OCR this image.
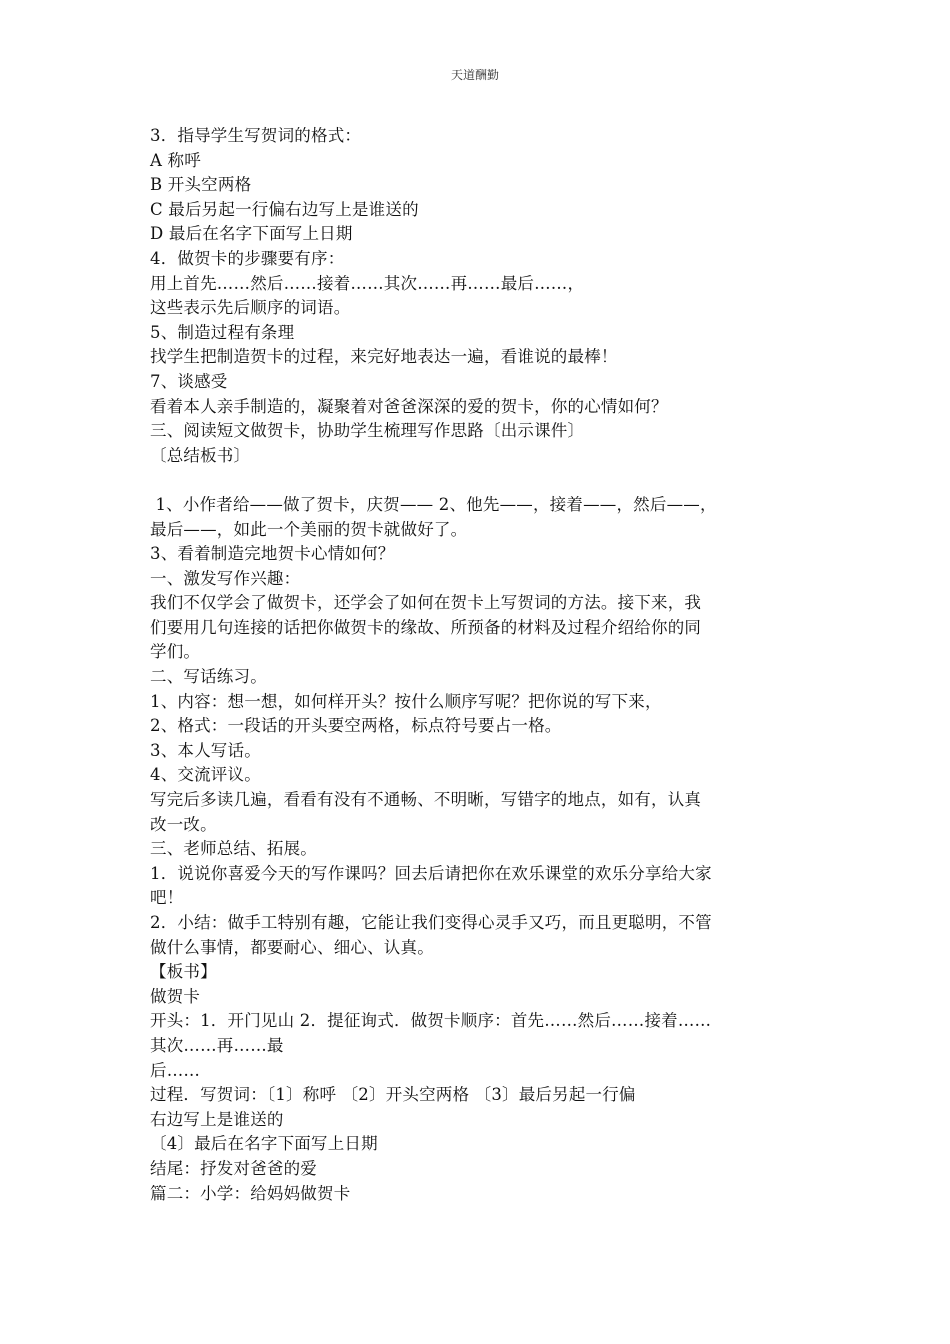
天道酬勤

3．指导学生写贺词的格式：

A 称呼

B 开头空两格

C 最后另起一行偏右边写上是谁送的

D 最后在名字下面写上日期

4．做贺卡的步骤要有序：

用上首先……然后……接着……其次……再……最后……，

这些表示先后顺序的词语。

5、制造过程有条理

找学生把制造贺卡的过程，来完好地表达一遍，看谁说的最棒！

7、谈感受

看着本人亲手制造的，凝聚着对爸爸深深的爱的贺卡，你的心情如何？

三、阅读短文做贺卡，协助学生梳理写作思路〔出示课件〕

〔总结板书〕

1、小作者给——做了贺卡，庆贺—— 2、他先——，接着——，然后——，

最后——，如此一个美丽的贺卡就做好了。

3、看着制造完地贺卡心情如何？

一、激发写作兴趣：

我们不仅学会了做贺卡，还学会了如何在贺卡上写贺词的方法。接下来，我

们要用几句连接的话把你做贺卡的缘故、所预备的材料及过程介绍给你的同

学们。

二、写话练习。

1、内容：想一想，如何样开头？按什么顺序写呢？把你说的写下来，

2、格式：一段话的开头要空两格，标点符号要占一格。

3、本人写话。

4、交流评议。

写完后多读几遍，看看有没有不通畅、不明晰，写错字的地点，如有，认真

改一改。

三、老师总结、拓展。

1．说说你喜爱今天的写作课吗？回去后请把你在欢乐课堂的欢乐分享给大家

吧！

2．小结：做手工特别有趣，它能让我们变得心灵手又巧，而且更聪明，不管

做什么事情，都要耐心、细心、认真。

【板书】

做贺卡

开头：1．开门见山 2．提征询式．做贺卡顺序：首先……然后……接着……

其次……再……最

后……

过程．写贺词：〔1〕称呼 〔2〕开头空两格 〔3〕最后另起一行偏

右边写上是谁送的

〔4〕最后在名字下面写上日期

结尾：抒发对爸爸的爱

篇二：小学：给妈妈做贺卡
